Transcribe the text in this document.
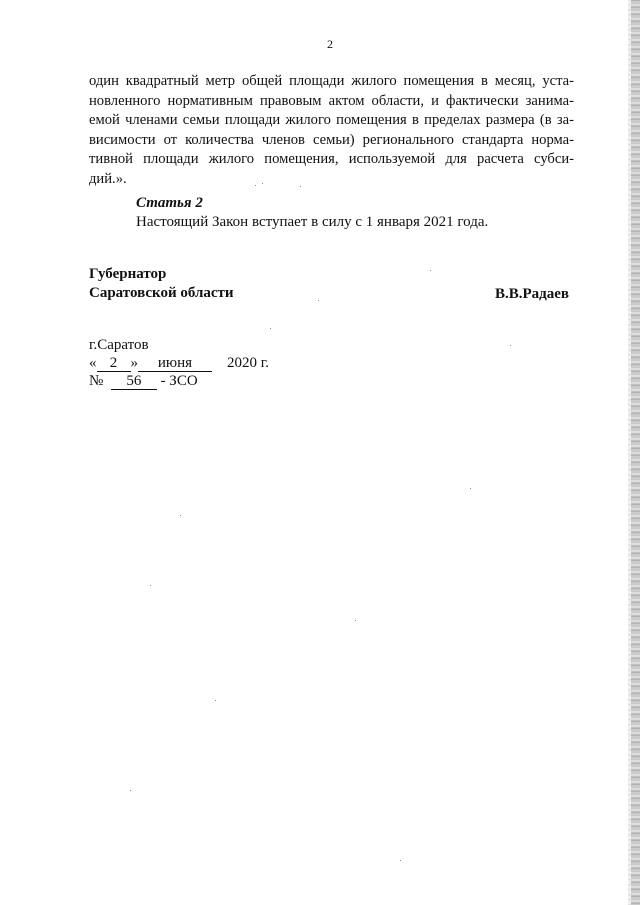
2
один квадратный метр общей площади жилого помещения в месяц, уста-
новленного нормативным правовым актом области, и фактически занима-
емой членами семьи площади жилого помещения в пределах размера (в за-
висимости от количества членов семьи) регионального стандарта норма-
тивной площади жилого помещения, используемой для расчета субси-
дий.».
Статья 2
Настоящий Закон вступает в силу с 1 января 2021 года.
Губернатор
Саратовской области	В.В.Радаев
г.Саратов
« 2 » июня 2020 г.
№ 56 - ЗСО
